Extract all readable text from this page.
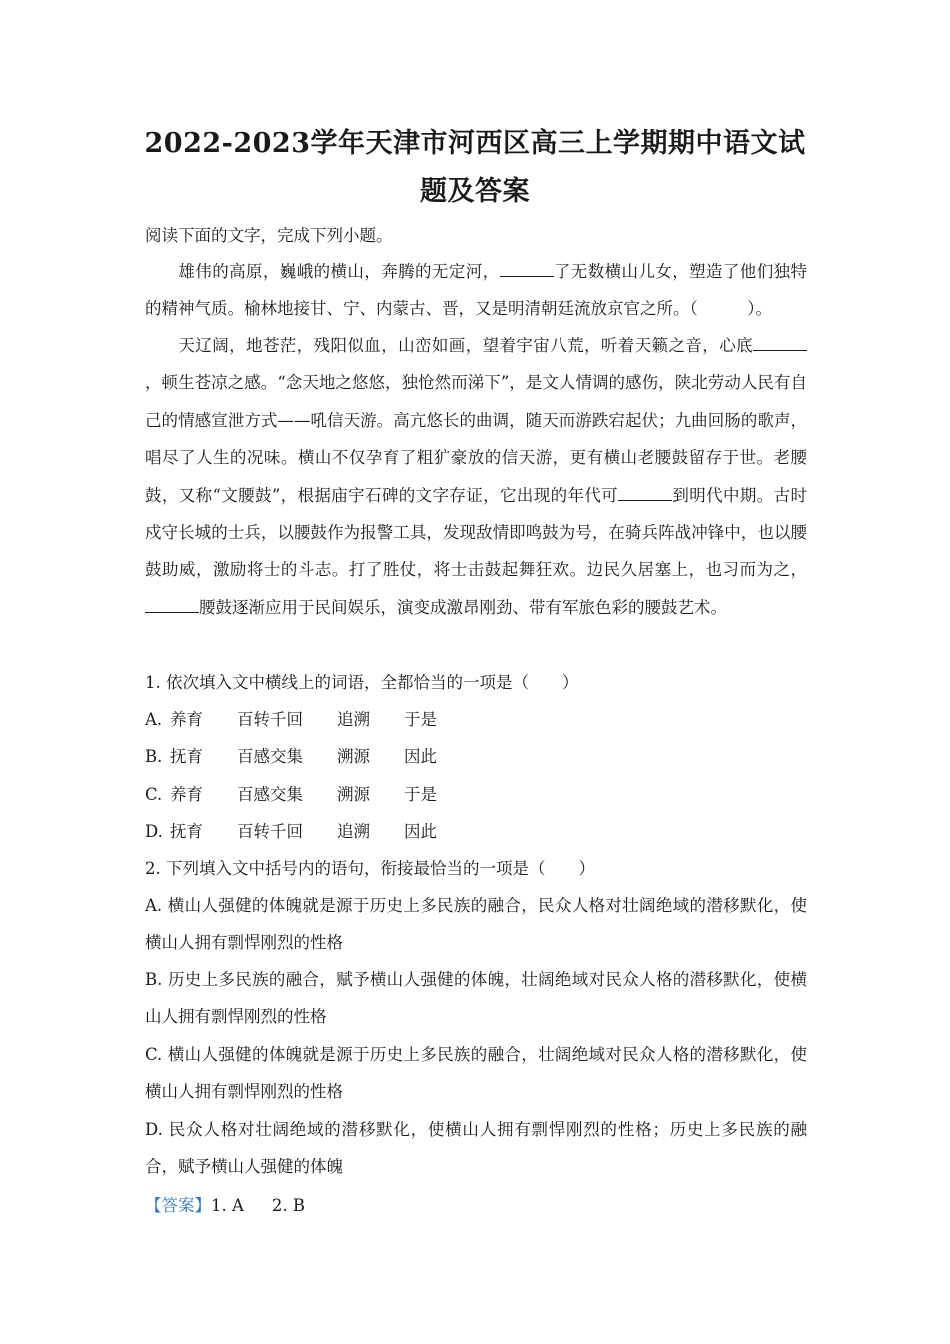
2022-2023学年天津市河西区高三上学期期中语文试题及答案
阅读下面的文字，完成下列小题。
雄伟的高原，巍峨的横山，奔腾的无定河，	了无数横山儿女，塑造了他们独特的精神气质。榆林地接甘、宁、内蒙古、晋，又是明清朝廷流放京官之所。（　　　）。
天辽阔，地苍茫，残阳似血，山峦如画，望着宇宙八荒，听着天籁之音，心底，顿生苍凉之感。“念天地之悠悠，独怆然而涕下”，是文人情调的感伤，陕北劳动人民有自己的情感宣泄方式——吼信天游。高亢悠长的曲调，随天而游跌宕起伏；九曲回肠的歌声，唱尽了人生的况味。横山不仅孕育了粗犷豪放的信天游，更有横山老腰鼓留存于世。老腰鼓，又称“文腰鼓”，根据庙宇石碑的文字存证，它出现的年代可	到明代中期。古时戍守长城的士兵，以腰鼓作为报警工具，发现敌情即鸣鼓为号，在骑兵阵战冲锋中，也以腰鼓助威，激励将士的斗志。打了胜仗，将士击鼓起舞狂欢。边民久居塞上，也习而为之，腰鼓逐渐应用于民间娱乐，演变成激昂刚劲、带有军旅色彩的腰鼓艺术。
1. 依次填入文中横线上的词语，全都恰当的一项是（　　）
A. 养育 百转千回 追溯 于是
B. 抚育 百感交集 溯源 因此
C. 养育 百感交集 溯源 于是
D. 抚育 百转千回 追溯 因此
2. 下列填入文中括号内的语句，衔接最恰当的一项是（　　）
A. 横山人强健的体魄就是源于历史上多民族的融合，民众人格对壮阔绝域的潜移默化，使横山人拥有剽悍刚烈的性格
B. 历史上多民族的融合，赋予横山人强健的体魄，壮阔绝域对民众人格的潜移默化，使横山人拥有剽悍刚烈的性格
C. 横山人强健的体魄就是源于历史上多民族的融合，壮阔绝域对民众人格的潜移默化，使横山人拥有剽悍刚烈的性格
D. 民众人格对壮阔绝域的潜移默化，使横山人拥有剽悍刚烈的性格；历史上多民族的融合，赋予横山人强健的体魄
【答案】1. A 2. B
